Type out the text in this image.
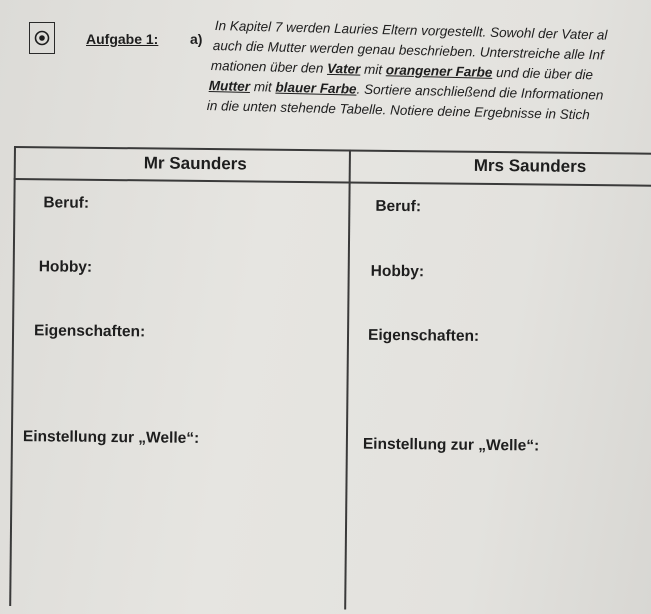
Aufgabe 1: a) In Kapitel 7 werden Lauries Eltern vorgestellt. Sowohl der Vater al
auch die Mutter werden genau beschrieben. Unterstreiche alle Inf
mationen über den Vater mit orangener Farbe und die über die
Mutter mit blauer Farbe. Sortiere anschließend die Informationen
in die unten stehende Tabelle. Notiere deine Ergebnisse in Stich
Mr Saunders	Mrs Saunders
Beruf:	Beruf:
Hobby:	Hobby:
Eigenschaften:	Eigenschaften:
Einstellung zur „Welle“:	Einstellung zur „Welle“:
